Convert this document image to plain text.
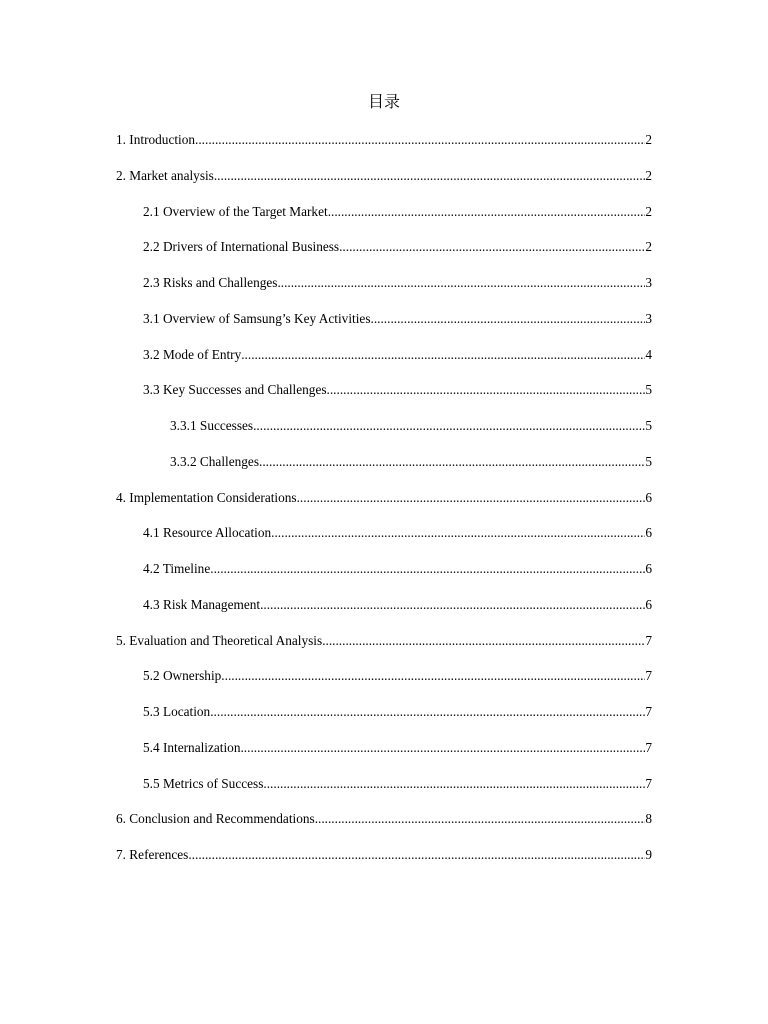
目录
1. Introduction .....	2
2. Market analysis .....	2
2.1 Overview of the Target Market .....	2
2.2 Drivers of International Business .....	2
2.3 Risks and Challenges .....	3
3.1 Overview of Samsung’s Key Activities .....	3
3.2 Mode of Entry .....	4
3.3 Key Successes and Challenges .....	5
3.3.1 Successes .....	5
3.3.2 Challenges .....	5
4. Implementation Considerations .....	6
4.1 Resource Allocation .....	6
4.2 Timeline .....	6
4.3 Risk Management .....	6
5. Evaluation and Theoretical Analysis .....	7
5.2 Ownership .....	7
5.3 Location .....	7
5.4 Internalization .....	7
5.5 Metrics of Success .....	7
6. Conclusion and Recommendations .....	8
7. References .....	9
